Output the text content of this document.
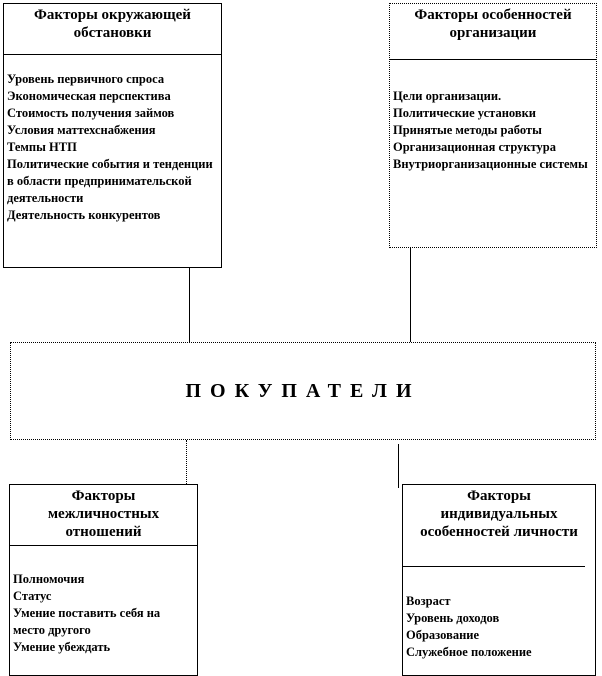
Факторы окружающей обстановки
Уровень первичного спроса
Экономическая перспектива
Стоимость получения займов
Условия маттехснабжения
Темпы НТП
Политические события и тенденции в области предпринимательской деятельности
Деятельность конкурентов
Факторы особенностей организации
Цели организации.
Политические установки
Принятые методы работы
Организационная структура
Внутриорганизационные системы
ПОКУПАТЕЛИ
Факторы межличностных отношений
Полномочия
Статус
Умение поставить себя на место другого
Умение убеждать
Факторы индивидуальных особенностей личности
Возраст
Уровень доходов
Образование
Служебное положение
